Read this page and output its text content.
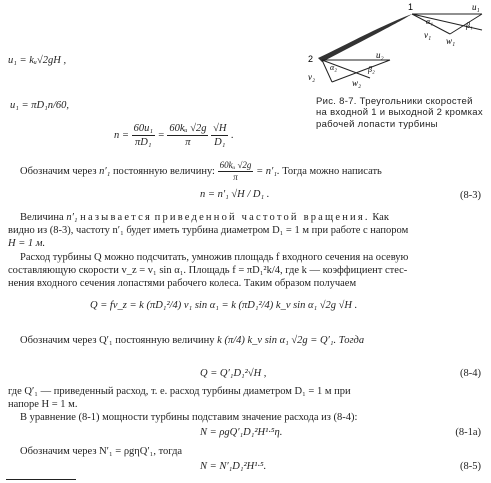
1
2
u₁
w₁
v₁
α₁	β₁
u₂
v₂
w₂
α₂	β₂
Рис. 8-7. Треугольники скоростей на входной 1 и выходной 2 кромках рабочей лопасти турбины
u₁ = kᵤ√2gH ,
u₁ = πD₁n/60,
$n = \frac{\text{60u₁}}{\text{πD₁}} = \frac{\text{60kᵤ √2g}}{\pi}$
$\frac{√H}{\text{D₁}}$ .
Обозначим через n′₁ постоянную величину: $\frac{\text{60kᵤ √2g}}{\pi} = n'_1$. Тогда можно написать
n = n′₁ √H / D₁ .	(8-3)
Величина n′₁ называется приведенной частотой вращения. Как
видно из (8-3), частоту n′₁ будет иметь турбина диаметром D₁ = 1 м при работе с напором
H = 1 м.
Расход турбины Q можно подсчитать, умножив площадь f входного сечения на осевую
составляющую скорости v_z = v₁ sin α₁. Площадь f = πD₁²k/4, где k — коэффициент стес-
нения входного сечения лопастями рабочего колеса. Таким образом получаем
Q = fv_z = k (πD₁²/4) v₁ sin α₁ = k (πD₁²/4) k_v sin α₁ √2g √H .
Обозначим через Q′₁ постоянную величину k (π/4) k_v sin α₁ √2g = Q′₁. Тогда
Q = Q′₁D₁²√H ,	(8-4)
где Q′₁ — приведенный расход, т. е. расход турбины диаметром D₁ = 1 м при
напоре H = 1 м.
В уравнение (8-1) мощности турбины подставим значение расхода из (8-4):
N = ρgQ′₁D₁²H¹·⁵η.	(8-1а)
Обозначим через N′₁ = ρgηQ′₁, тогда
N = N′₁D₁²H¹·⁵.	(8-5)
